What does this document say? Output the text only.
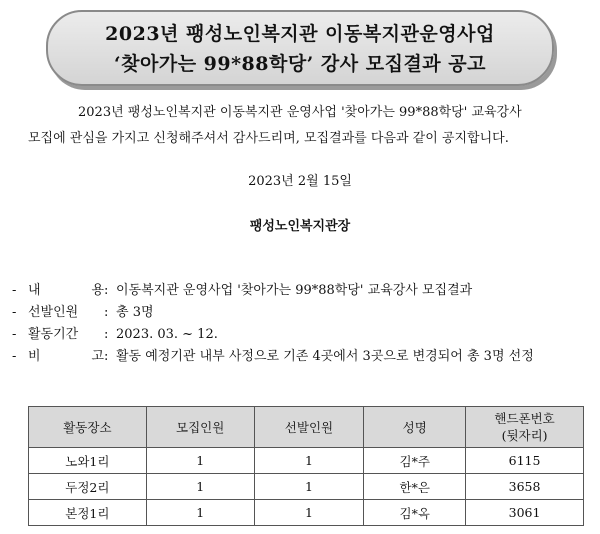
2023년 팽성노인복지관 이동복지관운영사업
‘찾아가는 99*88학당’ 강사 모집결과 공고
2023년 팽성노인복지관 이동복지관 운영사업 '찾아가는 99*88학당' 교육강사
모집에 관심을 가지고 신청해주셔서 감사드리며, 모집결과를 다음과 같이 공지합니다.
2023년 2월 15일
팽성노인복지관장
- 내	용 : 이동복지관 운영사업 '찾아가는 99*88학당' 교육강사 모집결과
- 선발인원 : 총 3명
- 활동기간 : 2023. 03. ~ 12.
- 비	고 : 활동 예정기관 내부 사정으로 기존 4곳에서 3곳으로 변경되어 총 3명 선정
활동장소	모집인원	선발인원	성명	핸드폰번호
(뒷자리)
노와1리	1	1	김*주	6115
두정2리	1	1	한*은	3658
본정1리	1	1	김*옥	3061
